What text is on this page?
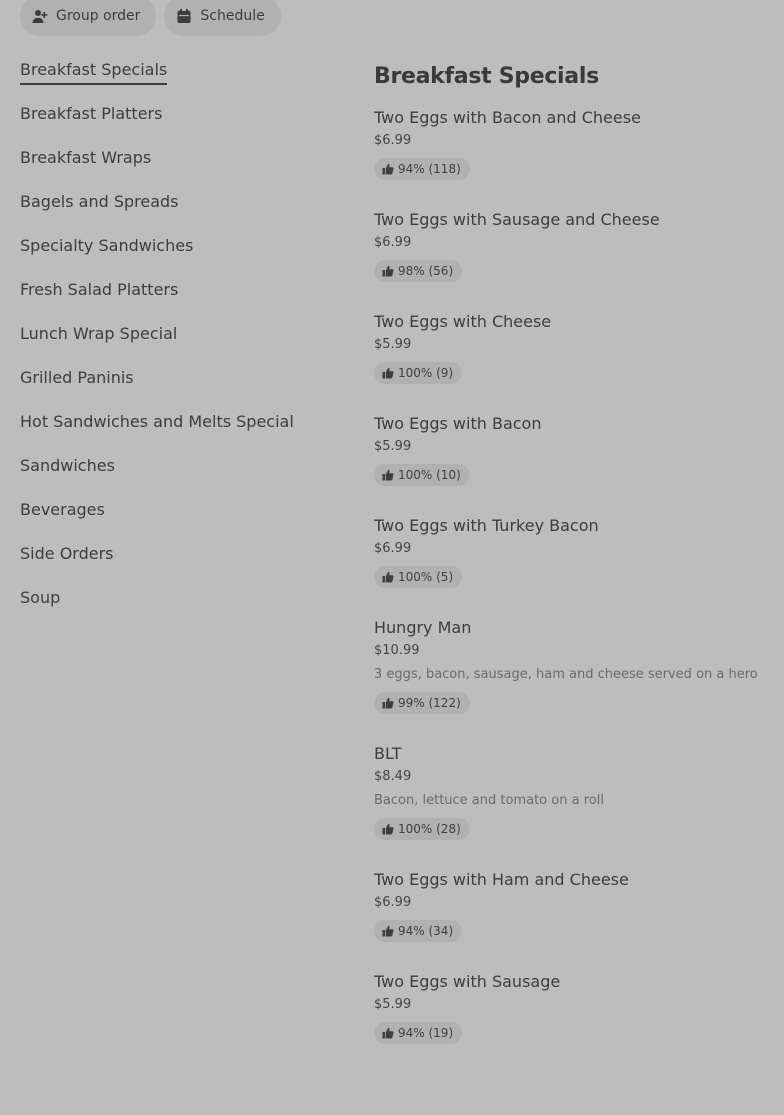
Group order	Schedule
Breakfast Specials
Breakfast Platters
Breakfast Wraps
Bagels and Spreads
Specialty Sandwiches
Fresh Salad Platters
Lunch Wrap Special
Grilled Paninis
Hot Sandwiches and Melts Special
Sandwiches
Beverages
Side Orders
Soup
Breakfast Specials
Two Eggs with Bacon and Cheese
$6.99
94% (118)
Two Eggs with Sausage and Cheese
$6.99
98% (56)
Two Eggs with Cheese
$5.99
100% (9)
Two Eggs with Bacon
$5.99
100% (10)
Two Eggs with Turkey Bacon
$6.99
100% (5)
Hungry Man
$10.99
3 eggs, bacon, sausage, ham and cheese served on a hero
99% (122)
BLT
$8.49
Bacon, lettuce and tomato on a roll
100% (28)
Two Eggs with Ham and Cheese
$6.99
94% (34)
Two Eggs with Sausage
$5.99
94% (19)
